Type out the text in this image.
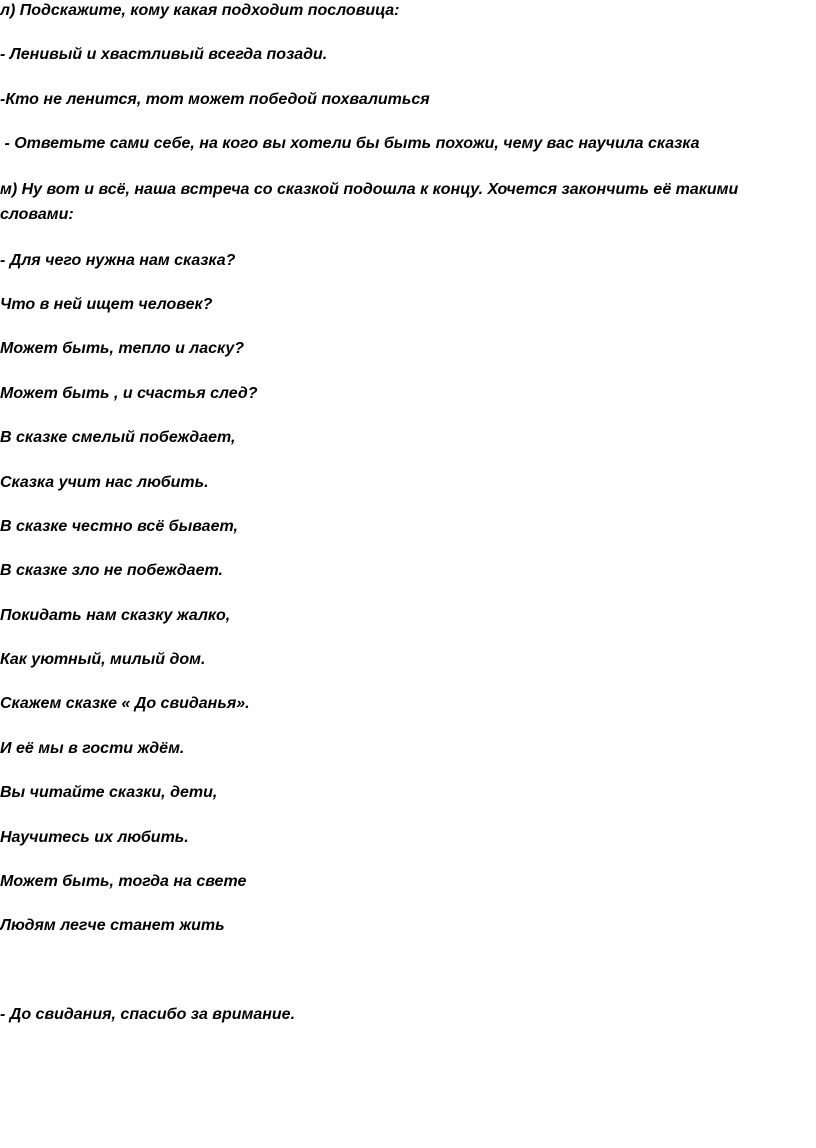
л) Подскажите, кому какая подходит пословица:

- Ленивый и хвастливый всегда позади.

-Кто не ленится, тот может победой похвалиться

- Ответьте сами себе, на кого вы хотели бы быть похожи, чему вас научила сказка

м) Ну вот и всё, наша встреча со сказкой подошла к концу. Хочется закончить её такими словами:

- Для чего нужна нам сказка?

Что в ней ищет человек?

Может быть, тепло и ласку?

Может быть , и счастья след?

В сказке смелый побеждает,

Сказка учит нас любить.

В сказке честно всё бывает,

В сказке зло не побеждает.

Покидать нам сказку жалко,

Как уютный, милый дом.

Скажем сказке « До свиданья».

И её мы в гости ждём.

Вы читайте сказки, дети,

Научитесь их любить.

Может быть, тогда на свете

Людям легче станет жить

- До свидания, спасибо за вримание.
